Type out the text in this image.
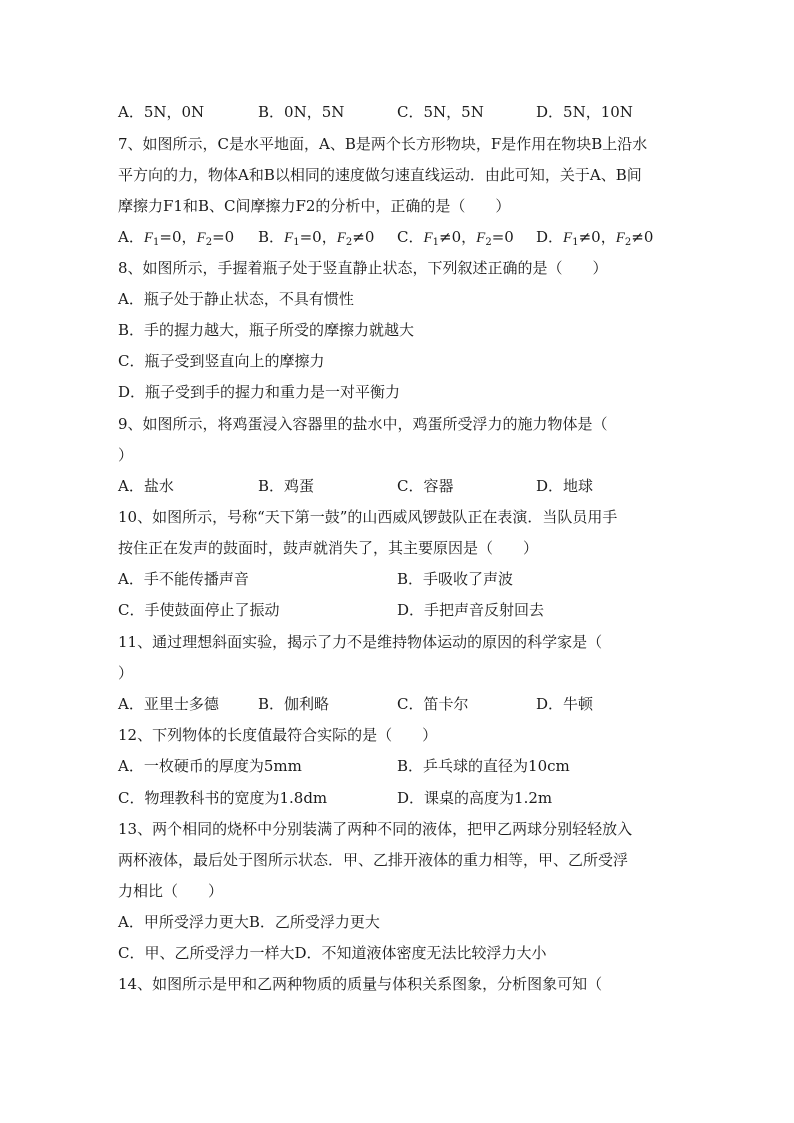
A．5N，0N	B．0N，5N	C．5N，5N	D．5N，10N
7、如图所示，C是水平地面，A、B是两个长方形物块，F是作用在物块B上沿水
平方向的力，物体A和B以相同的速度做匀速直线运动．由此可知，关于A、B间
摩擦力F1和B、C间摩擦力F2的分析中，正确的是（　　）
A．$F_1=0$，$F_2=0$ B．$F_1=0$，$F_2\ne 0$ C．$F_1\ne 0$，$F_2=0$ D．$F_1\ne 0$，$F_2\ne 0$
8、如图所示，手握着瓶子处于竖直静止状态，下列叙述正确的是（　　）
A．瓶子处于静止状态，不具有惯性
B．手的握力越大，瓶子所受的摩擦力就越大
C．瓶子受到竖直向上的摩擦力
D．瓶子受到手的握力和重力是一对平衡力
9、如图所示，将鸡蛋浸入容器里的盐水中，鸡蛋所受浮力的施力物体是（
）
A．盐水	B．鸡蛋	C．容器	D．地球
10、如图所示，号称“天下第一鼓”的山西威风锣鼓队正在表演．当队员用手
按住正在发声的鼓面时，鼓声就消失了，其主要原因是（　　）
A．手不能传播声音	B．手吸收了声波
C．手使鼓面停止了振动	D．手把声音反射回去
11、通过理想斜面实验，揭示了力不是维持物体运动的原因的科学家是（
）
A．亚里士多德	B．伽利略	C．笛卡尔	D．牛顿
12、下列物体的长度值最符合实际的是（　　）
A．一枚硬币的厚度为5mm	B．乒乓球的直径为10cm
C．物理教科书的宽度为1.8dm	D．课桌的高度为1.2m
13、两个相同的烧杯中分别装满了两种不同的液体，把甲乙两球分别轻轻放入
两杯液体，最后处于图所示状态．甲、乙排开液体的重力相等，甲、乙所受浮
力相比（　　）
A．甲所受浮力更大B．乙所受浮力更大
C．甲、乙所受浮力一样大D．不知道液体密度无法比较浮力大小
14、如图所示是甲和乙两种物质的质量与体积关系图象，分析图象可知（
